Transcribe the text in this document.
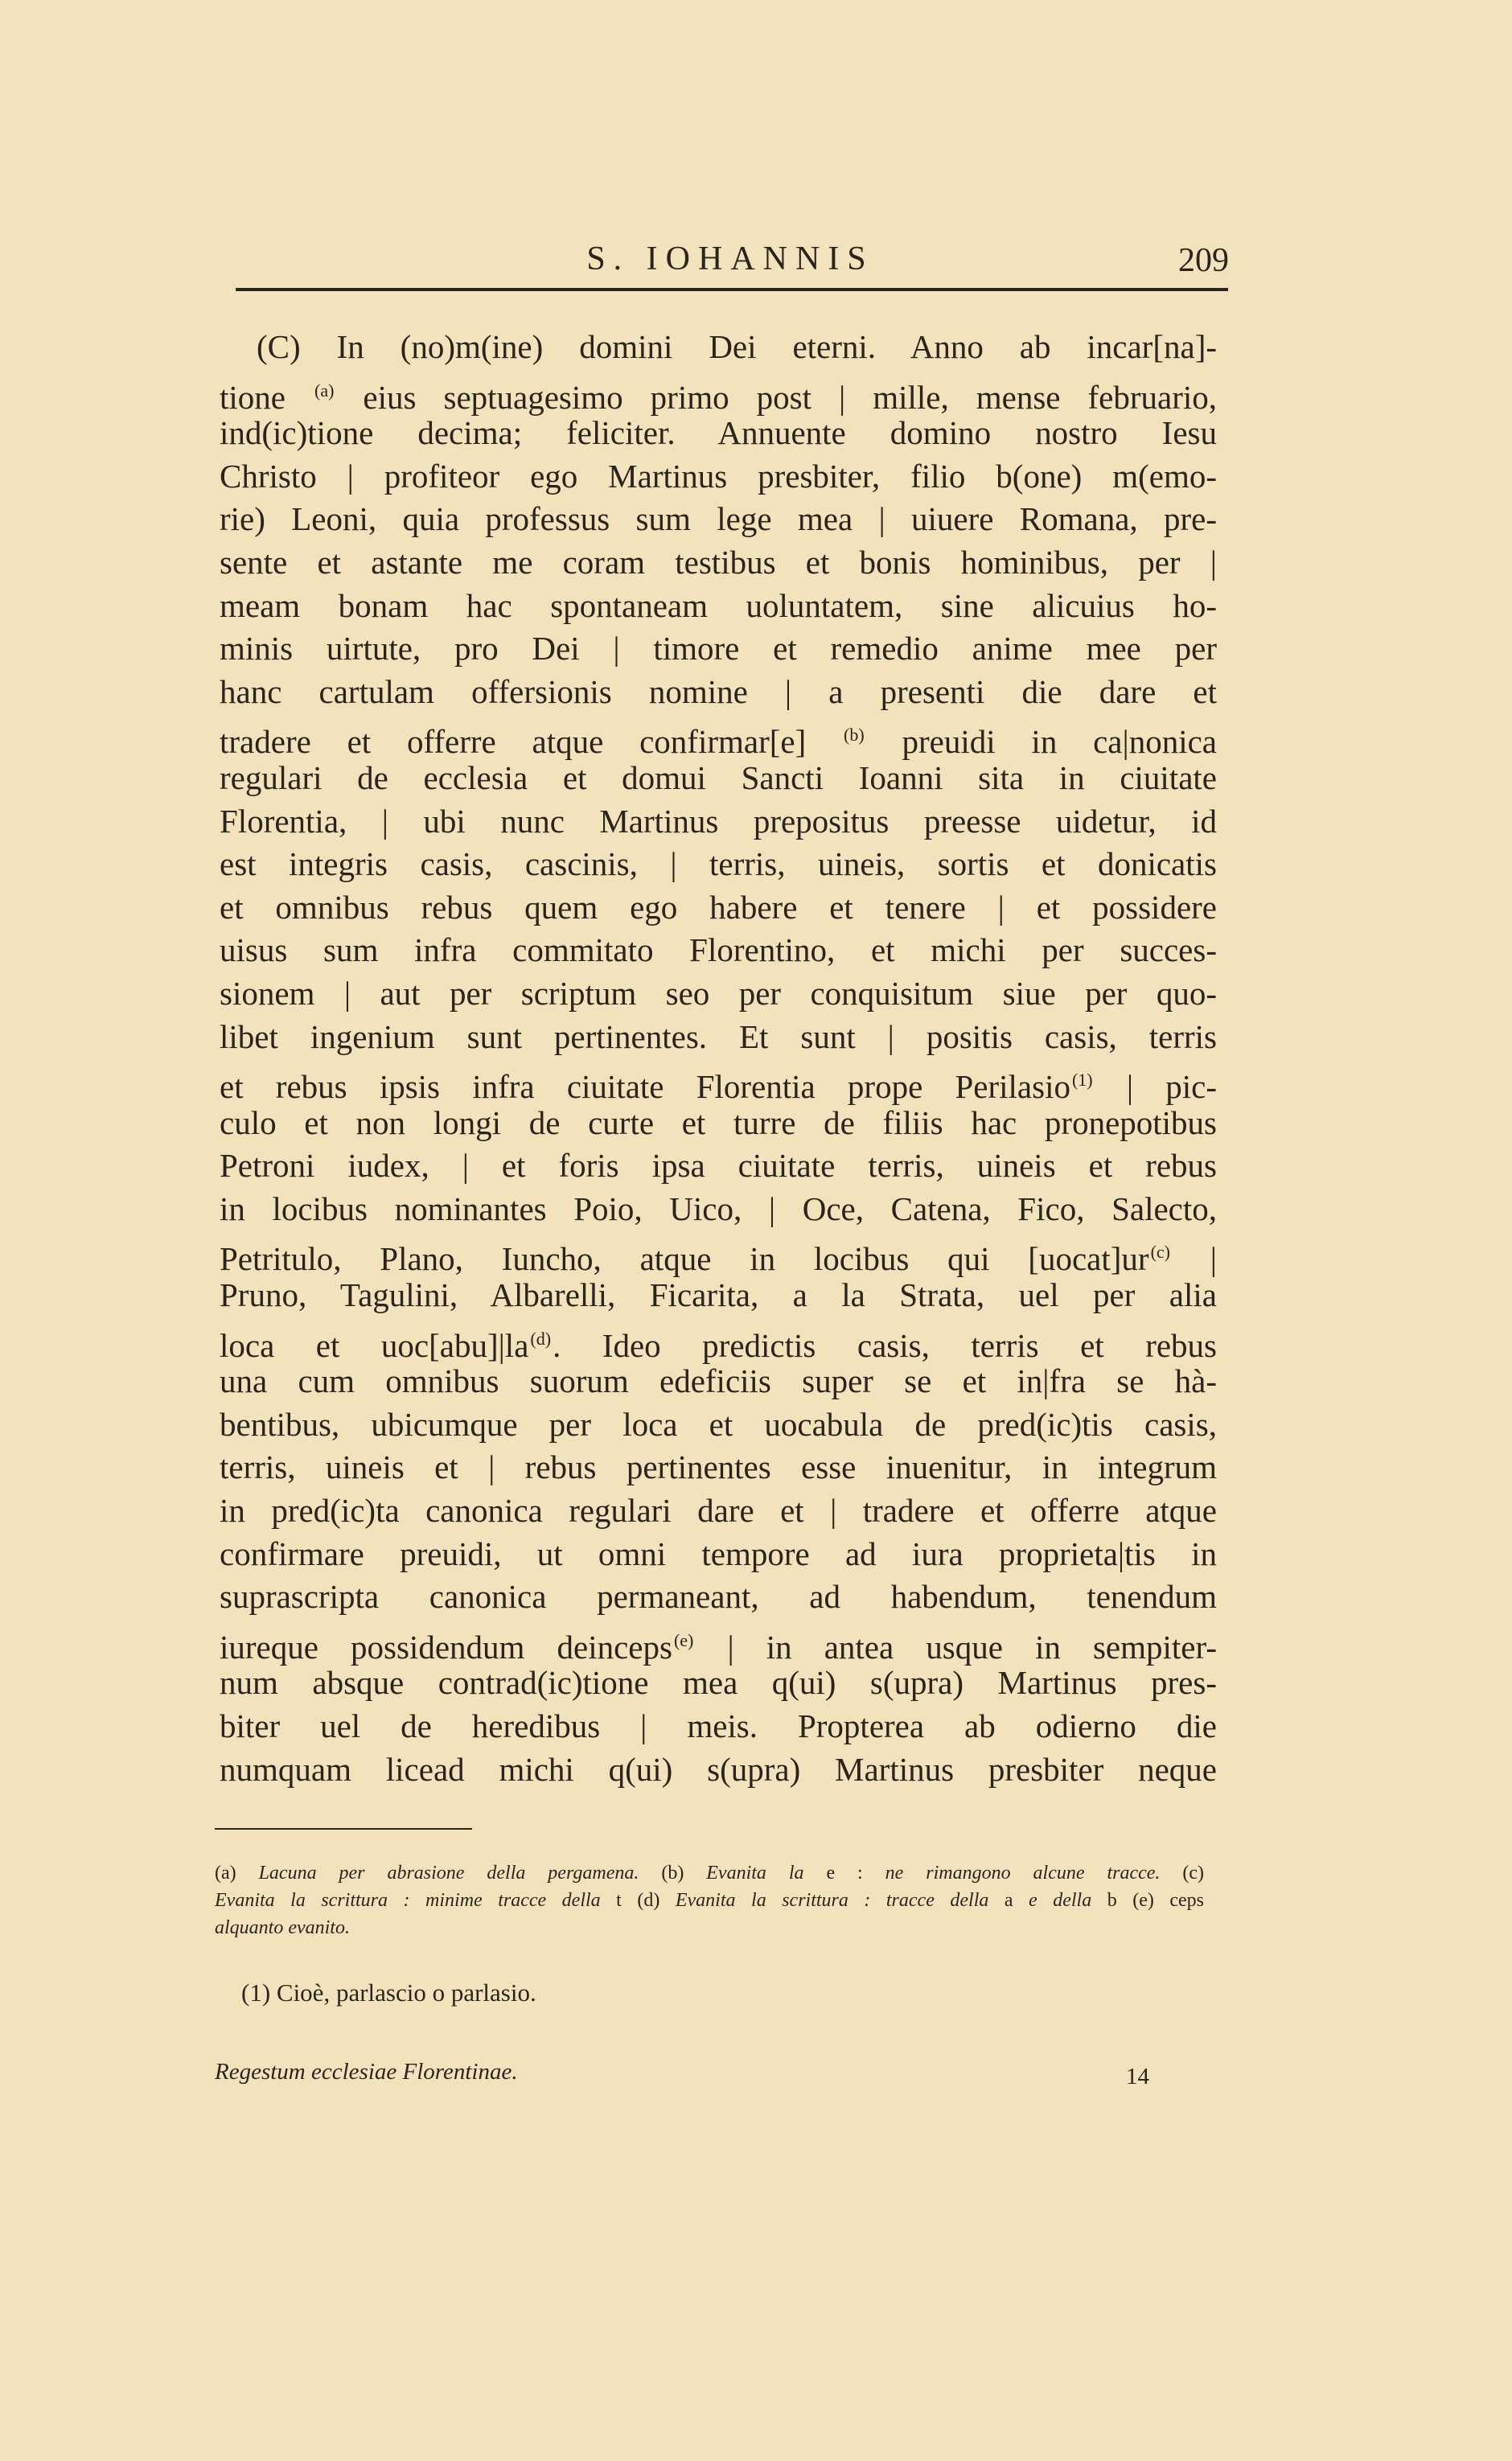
S. IOHANNIS	209
(C) In (no)m(ine) domini Dei eterni. Anno ab incar[na]-
tione $^{(a)}$ eius septuagesimo primo post | mille, mense februario,
ind(ic)tione decima; feliciter. Annuente domino nostro Iesu
Christo | profiteor ego Martinus presbiter, filio b(one) m(emo-
rie) Leoni, quia professus sum lege mea | uiuere Romana, pre-
sente et astante me coram testibus et bonis hominibus, per |
meam bonam hac spontaneam uoluntatem, sine alicuius ho-
minis uirtute, pro Dei | timore et remedio anime mee per
hanc cartulam offersionis nomine | a presenti die dare et
tradere et offerre atque confirmar[e] $^{(b)}$ preuidi in ca|nonica
regulari de ecclesia et domui Sancti Ioanni sita in ciuitate
Florentia, | ubi nunc Martinus prepositus preesse uidetur, id
est integris casis, cascinis, | terris, uineis, sortis et donicatis
et omnibus rebus quem ego habere et tenere | et possidere
uisus sum infra commitato Florentino, et michi per succes-
sionem | aut per scriptum seo per conquisitum siue per quo-
libet ingenium sunt pertinentes. Et sunt | positis casis, terris
et rebus ipsis infra ciuitate Florentia prope Perilasio$^{(1)}$ | pic-
culo et non longi de curte et turre de filiis hac pronepotibus
Petroni iudex, | et foris ipsa ciuitate terris, uineis et rebus
in locibus nominantes Poio, Uico, | Oce, Catena, Fico, Salecto,
Petritulo, Plano, Iuncho, atque in locibus qui $[uocat]ur^{(c)}$ |
Pruno, Tagulini, Albarelli, Ficarita, a la Strata, uel per alia
loca et $uoc[abu]|la^{(d)}$. Ideo predictis casis, terris et rebus
una cum omnibus suorum edeficiis super se et in|fra se hà-
bentibus, ubicumque per loca et uocabula de pred(ic)tis casis,
terris, uineis et | rebus pertinentes esse inuenitur, in integrum
in pred(ic)ta canonica regulari dare et | tradere et offerre atque
confirmare preuidi, ut omni tempore ad iura proprieta|tis in
suprascripta canonica permaneant, ad habendum, tenendum
iureque possidendum deinceps$^{(e)}$ | in antea usque in sempiter-
num absque contrad(ic)tione mea q(ui) s(upra) Martinus pres-
biter uel de heredibus | meis. Propterea ab odierno die
numquam licead michi q(ui) s(upra) Martinus presbiter neque
(a) Lacuna per abrasione della pergamena. (b) Evanita la e : ne rimangono alcune tracce. (c)
Evanita la scrittura : minime tracce della t (d) Evanita la scrittura : tracce della a e della b (e) ceps
alquanto evanito.
(1) Cioè, parlascio o parlasio.
Regestum ecclesiae Florentinae.	14
